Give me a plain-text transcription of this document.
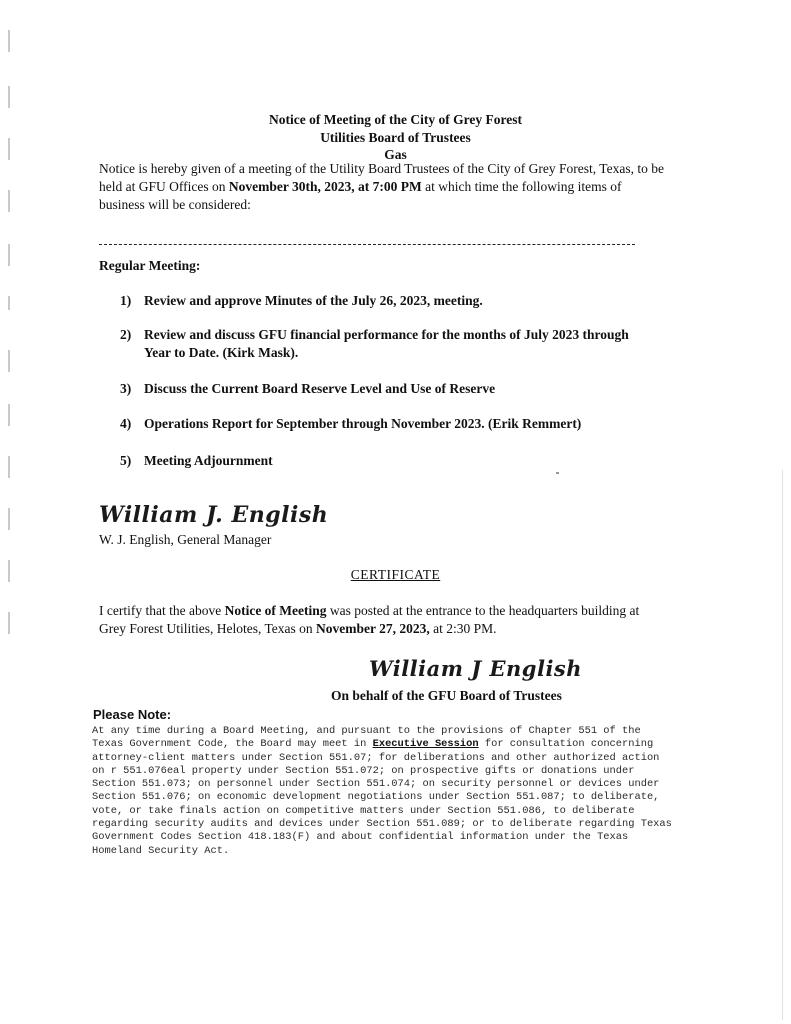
Notice of Meeting of the City of Grey Forest
Utilities Board of Trustees
Gas
Notice is hereby given of a meeting of the Utility Board Trustees of the City of Grey Forest, Texas, to be held at GFU Offices on November 30th, 2023, at 7:00 PM at which time the following items of business will be considered:
Regular Meeting:
1) Review and approve Minutes of the July 26, 2023, meeting.
2) Review and discuss GFU financial performance for the months of July 2023 through Year to Date. (Kirk Mask).
3) Discuss the Current Board Reserve Level and Use of Reserve
4) Operations Report for September through November 2023. (Erik Remmert)
5) Meeting Adjournment
William J. English
W. J. English, General Manager
CERTIFICATE
I certify that the above Notice of Meeting was posted at the entrance to the headquarters building at Grey Forest Utilities, Helotes, Texas on November 27, 2023, at 2:30 PM.
William J English
On behalf of the GFU Board of Trustees
Please Note:
At any time during a Board Meeting, and pursuant to the provisions of Chapter 551 of the Texas Government Code, the Board may meet in Executive Session for consultation concerning attorney-client matters under Section 551.07; for deliberations and other authorized action on r 551.076eal property under Section 551.072; on prospective gifts or donations under Section 551.073; on personnel under Section 551.074; on security personnel or devices under Section 551.076; on economic development negotiations under Section 551.087; to deliberate, vote, or take finals action on competitive matters under Section 551.086, to deliberate regarding security audits and devices under Section 551.089; or to deliberate regarding Texas Government Codes Section 418.183(F) and about confidential information under the Texas Homeland Security Act.
